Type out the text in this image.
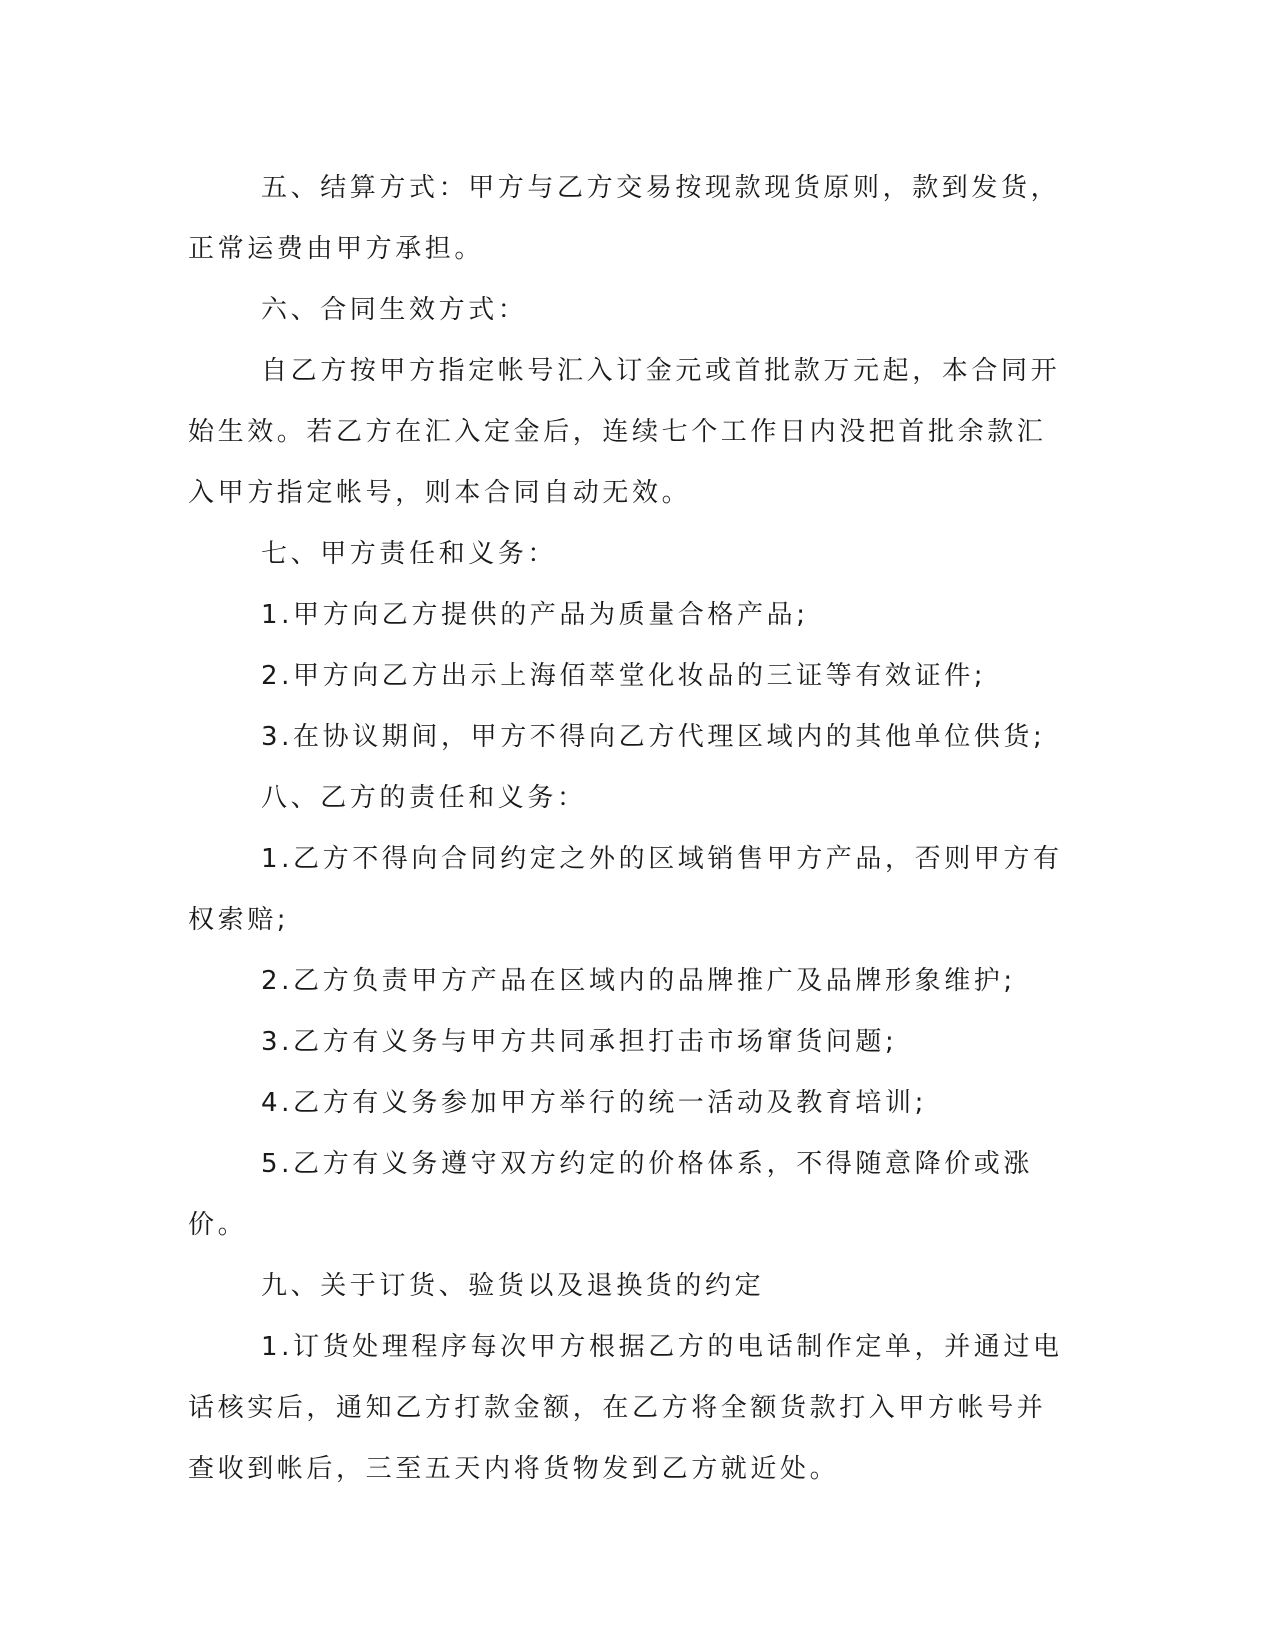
五、结算方式：甲方与乙方交易按现款现货原则，款到发货，正常运费由甲方承担。

六、合同生效方式：

自乙方按甲方指定帐号汇入订金元或首批款万元起，本合同开始生效。若乙方在汇入定金后，连续七个工作日内没把首批余款汇入甲方指定帐号，则本合同自动无效。

七、甲方责任和义务：

1.甲方向乙方提供的产品为质量合格产品;

2.甲方向乙方出示上海佰萃堂化妆品的三证等有效证件;

3.在协议期间，甲方不得向乙方代理区域内的其他单位供货;

八、乙方的责任和义务：

1.乙方不得向合同约定之外的区域销售甲方产品，否则甲方有权索赔;

2.乙方负责甲方产品在区域内的品牌推广及品牌形象维护;

3.乙方有义务与甲方共同承担打击市场窜货问题;

4.乙方有义务参加甲方举行的统一活动及教育培训;

5.乙方有义务遵守双方约定的价格体系，不得随意降价或涨价。

九、关于订货、验货以及退换货的约定

1.订货处理程序每次甲方根据乙方的电话制作定单，并通过电话核实后，通知乙方打款金额，在乙方将全额货款打入甲方帐号并查收到帐后，三至五天内将货物发到乙方就近处。
